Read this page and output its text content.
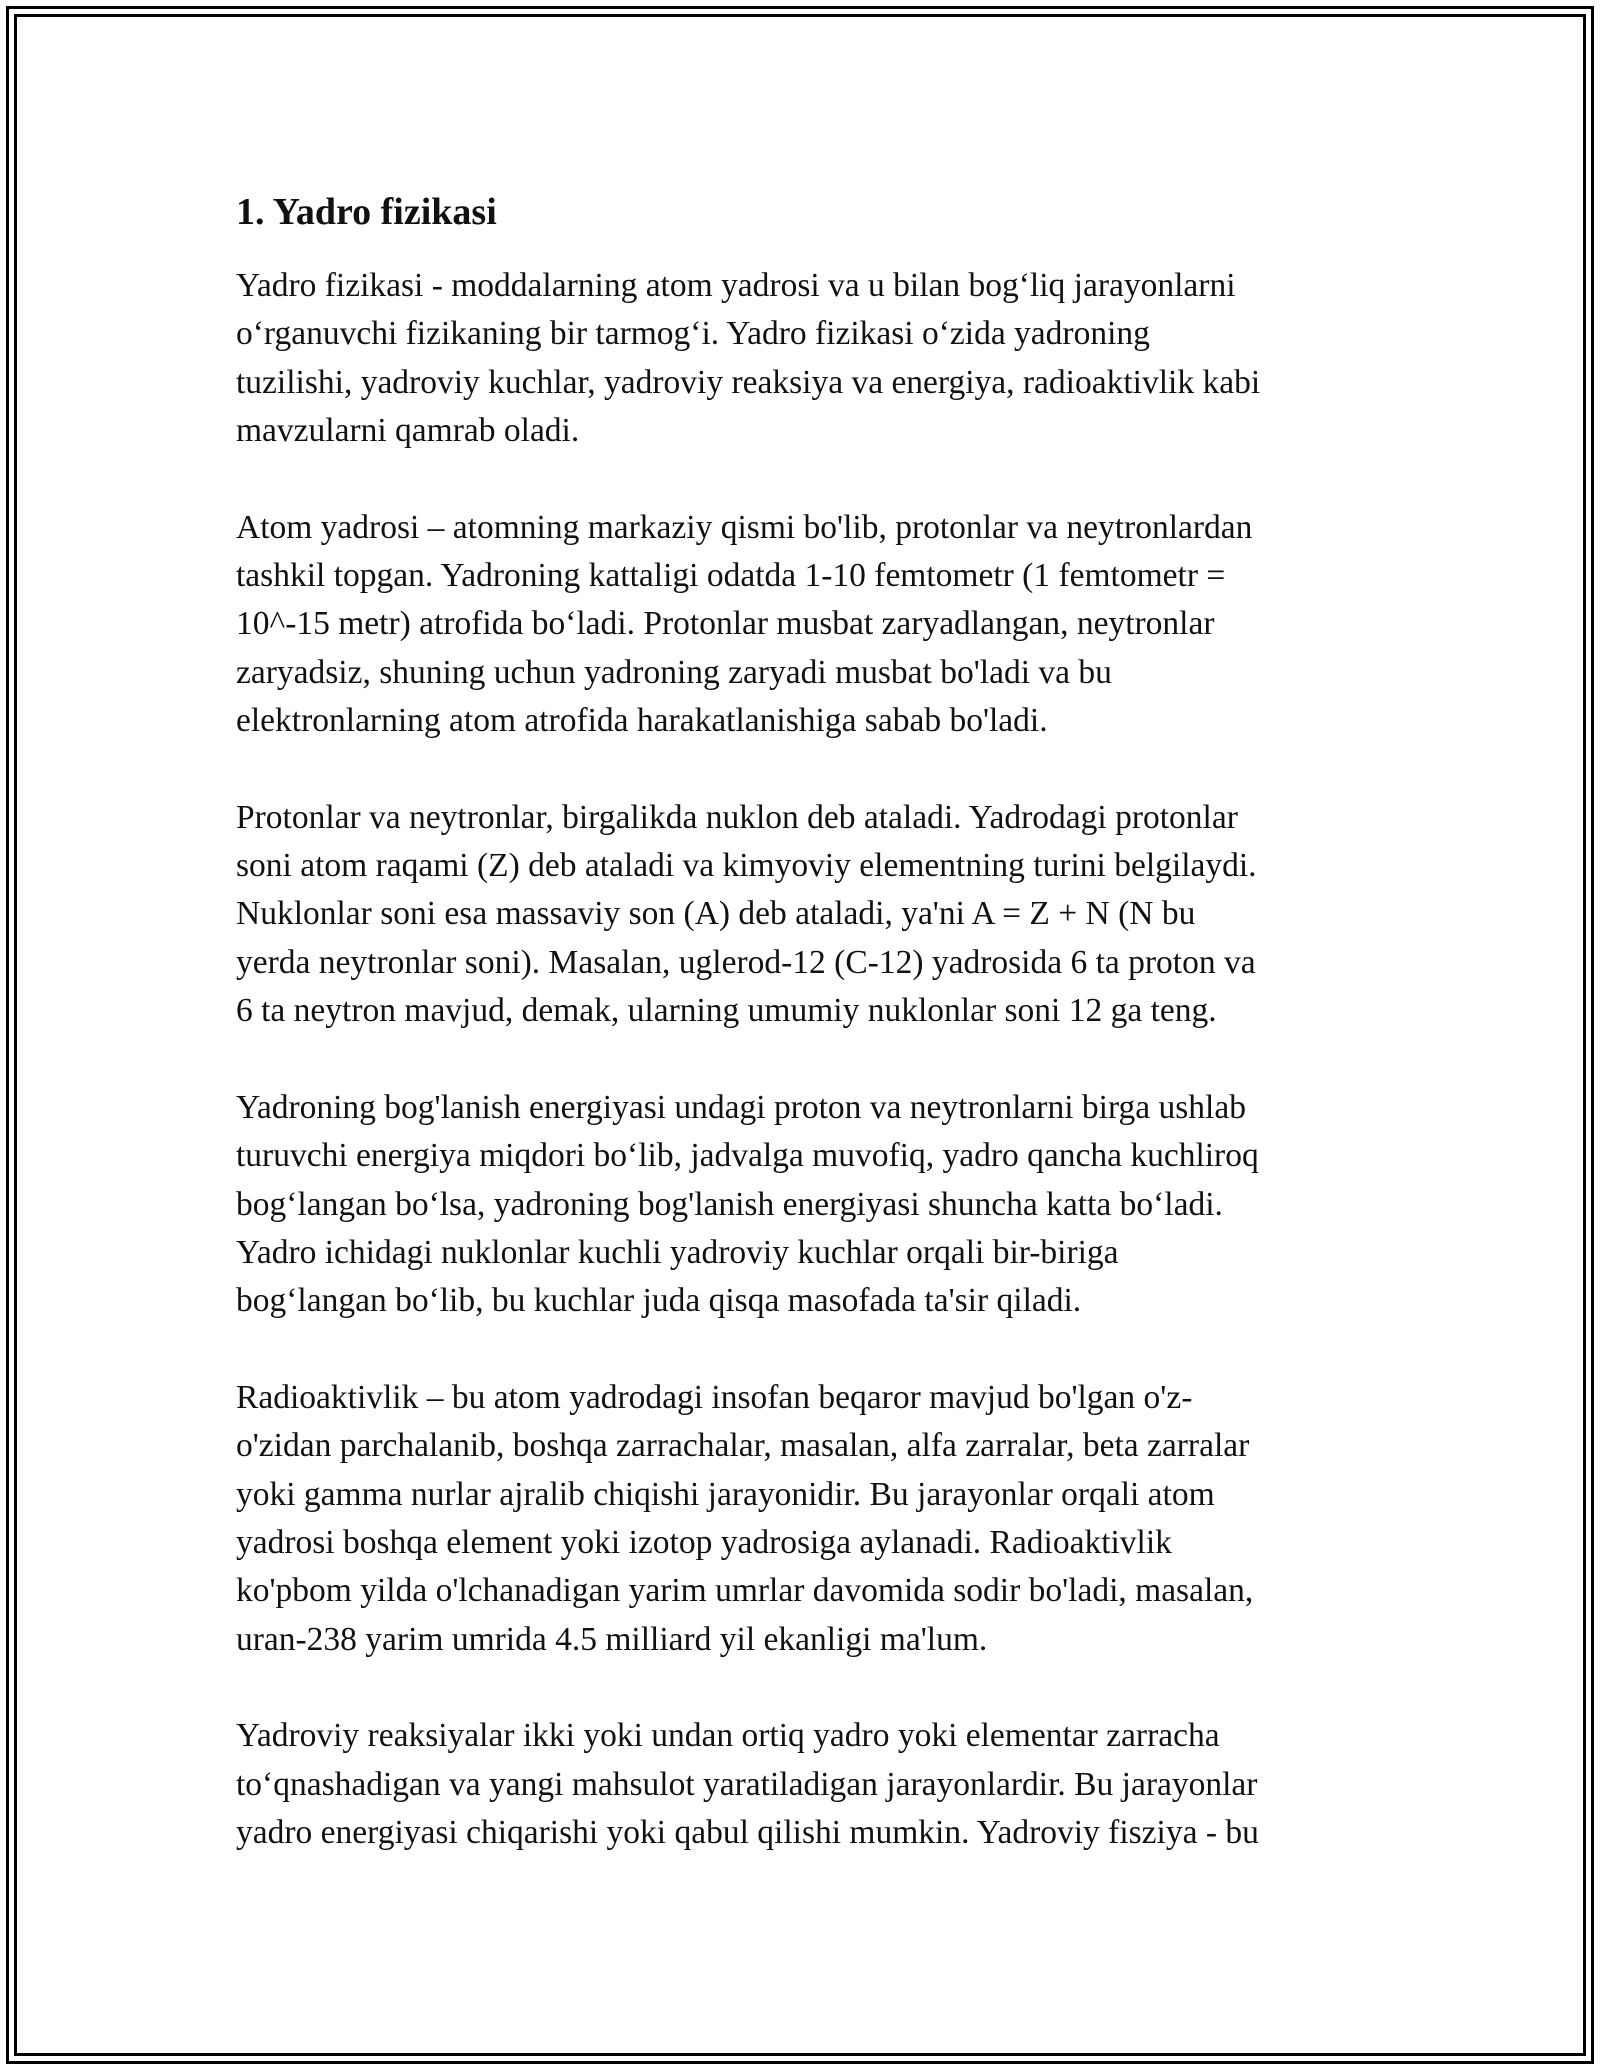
1. Yadro fizikasi

Yadro fizikasi - moddalarning atom yadrosi va u bilan bog‘liq jarayonlarni
o‘rganuvchi fizikaning bir tarmog‘i. Yadro fizikasi o‘zida yadroning
tuzilishi, yadroviy kuchlar, yadroviy reaksiya va energiya, radioaktivlik kabi
mavzularni qamrab oladi.

Atom yadrosi – atomning markaziy qismi bo'lib, protonlar va neytronlardan
tashkil topgan. Yadroning kattaligi odatda 1-10 femtometr (1 femtometr =
10^-15 metr) atrofida bo‘ladi. Protonlar musbat zaryadlangan, neytronlar
zaryadsiz, shuning uchun yadroning zaryadi musbat bo'ladi va bu
elektronlarning atom atrofida harakatlanishiga sabab bo'ladi.

Protonlar va neytronlar, birgalikda nuklon deb ataladi. Yadrodagi protonlar
soni atom raqami (Z) deb ataladi va kimyoviy elementning turini belgilaydi.
Nuklonlar soni esa massaviy son (A) deb ataladi, ya'ni A = Z + N (N bu
yerda neytronlar soni). Masalan, uglerod-12 (C-12) yadrosida 6 ta proton va
6 ta neytron mavjud, demak, ularning umumiy nuklonlar soni 12 ga teng.

Yadroning bog'lanish energiyasi undagi proton va neytronlarni birga ushlab
turuvchi energiya miqdori bo‘lib, jadvalga muvofiq, yadro qancha kuchliroq
bog‘langan bo‘lsa, yadroning bog'lanish energiyasi shuncha katta bo‘ladi.
Yadro ichidagi nuklonlar kuchli yadroviy kuchlar orqali bir-biriga
bog‘langan bo‘lib, bu kuchlar juda qisqa masofada ta'sir qiladi.

Radioaktivlik – bu atom yadrodagi insofan beqaror mavjud bo'lgan o'z-
o'zidan parchalanib, boshqa zarrachalar, masalan, alfa zarralar, beta zarralar
yoki gamma nurlar ajralib chiqishi jarayonidir. Bu jarayonlar orqali atom
yadrosi boshqa element yoki izotop yadrosiga aylanadi. Radioaktivlik
ko'pbom yilda o'lchanadigan yarim umrlar davomida sodir bo'ladi, masalan,
uran-238 yarim umrida 4.5 milliard yil ekanligi ma'lum.

Yadroviy reaksiyalar ikki yoki undan ortiq yadro yoki elementar zarracha
to‘qnashadigan va yangi mahsulot yaratiladigan jarayonlardir. Bu jarayonlar
yadro energiyasi chiqarishi yoki qabul qilishi mumkin. Yadroviy fisziya - bu
